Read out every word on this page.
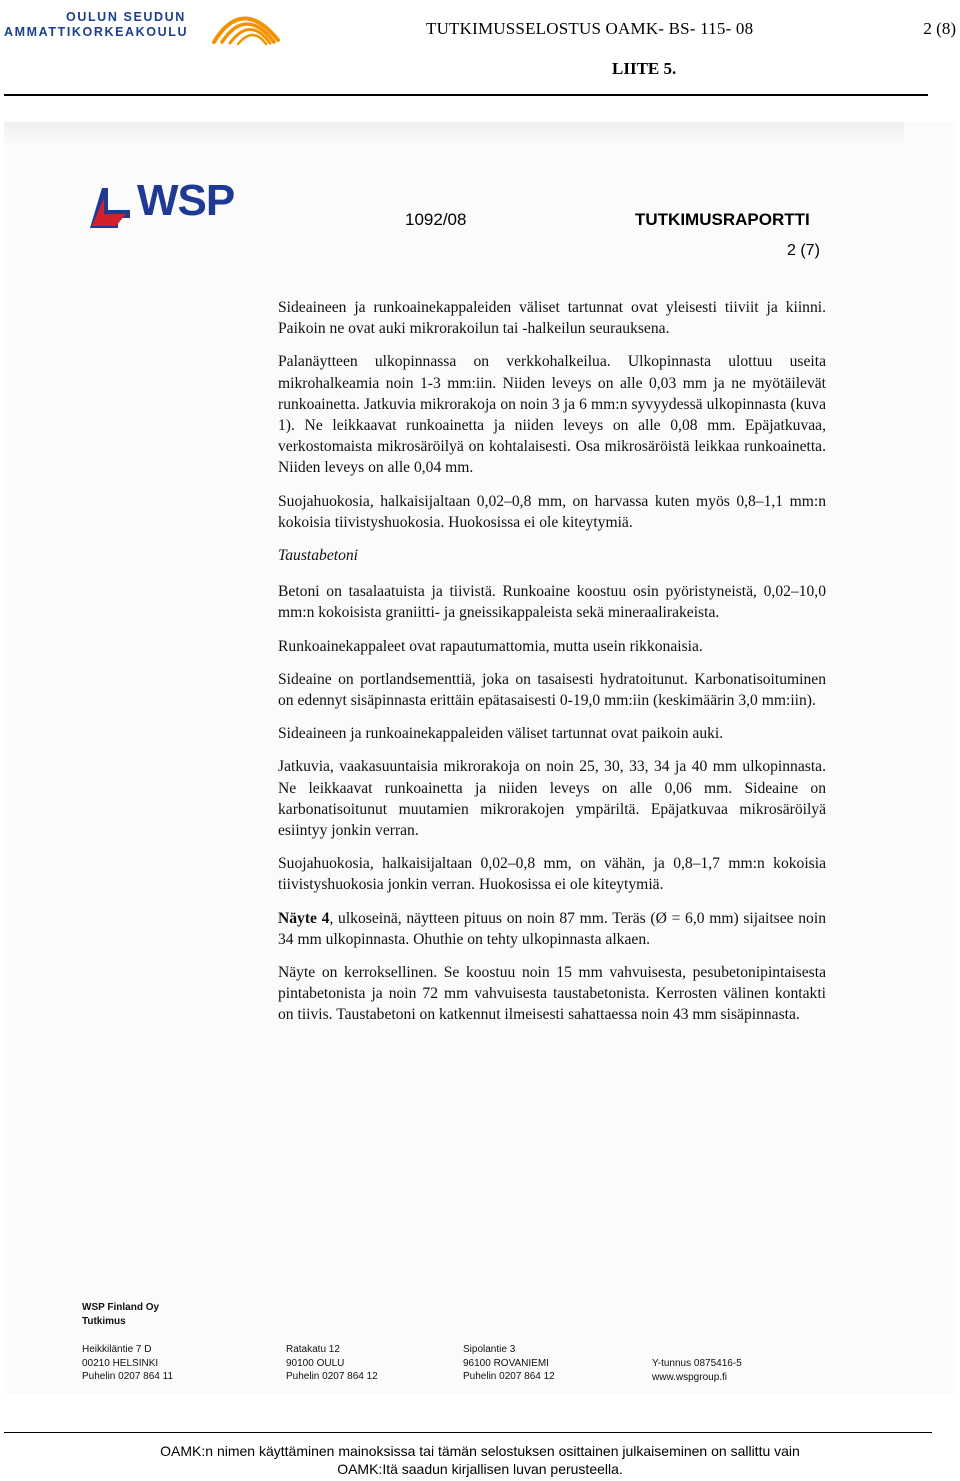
OULUN SEUDUN
AMMATTIKORKEAKOULU	TUTKIMUSSELOSTUS OAMK- BS- 115- 08	2 (8)
LIITE 5.
WSP	1092/08	TUTKIMUSRAPORTTI
2 (7)

Sideaineen ja runkoainekappaleiden väliset tartunnat ovat yleisesti tiiviit ja kiinni. Paikoin ne ovat auki mikrorakoilun tai -halkeilun seurauksena.

Palanäytteen ulkopinnassa on verkkohalkeilua. Ulkopinnasta ulottuu useita mikrohalkeamia noin 1-3 mm:iin. Niiden leveys on alle 0,03 mm ja ne myötäilevät runkoainetta. Jatkuvia mikrorakoja on noin 3 ja 6 mm:n syvyydessä ulkopinnasta (kuva 1). Ne leikkaavat runkoainetta ja niiden leveys on alle 0,08 mm. Epäjatkuvaa, verkostomaista mikrosäröilyä on kohtalaisesti. Osa mikrosäröistä leikkaa runkoainetta. Niiden leveys on alle 0,04 mm.

Suojahuokosia, halkaisijaltaan 0,02–0,8 mm, on harvassa kuten myös 0,8–1,1 mm:n kokoisia tiivistyshuokosia. Huokosissa ei ole kiteytymiä.

Taustabetoni

Betoni on tasalaatuista ja tiivistä. Runkoaine koostuu osin pyöristyneistä, 0,02–10,0 mm:n kokoisista graniitti- ja gneissikappaleista sekä mineraalirakeista.

Runkoainekappaleet ovat rapautumattomia, mutta usein rikkonaisia.

Sideaine on portlandsementtiä, joka on tasaisesti hydratoitunut. Karbonatisoituminen on edennyt sisäpinnasta erittäin epätasaisesti 0-19,0 mm:iin (keskimäärin 3,0 mm:iin).

Sideaineen ja runkoainekappaleiden väliset tartunnat ovat paikoin auki.

Jatkuvia, vaakasuuntaisia mikrorakoja on noin 25, 30, 33, 34 ja 40 mm ulkopinnasta. Ne leikkaavat runkoainetta ja niiden leveys on alle 0,06 mm. Sideaine on karbonatisoitunut muutamien mikrorakojen ympäriltä. Epäjatkuvaa mikrosäröilyä esiintyy jonkin verran.

Suojahuokosia, halkaisijaltaan 0,02–0,8 mm, on vähän, ja 0,8–1,7 mm:n kokoisia tiivistyshuokosia jonkin verran. Huokosissa ei ole kiteytymiä.

Näyte 4, ulkoseinä, näytteen pituus on noin 87 mm. Teräs (Ø = 6,0 mm) sijaitsee noin 34 mm ulkopinnasta. Ohuthie on tehty ulkopinnasta alkaen.

Näyte on kerroksellinen. Se koostuu noin 15 mm vahvuisesta, pesubetonipintaisesta pintabetonista ja noin 72 mm vahvuisesta taustabetonista. Kerrosten välinen kontakti on tiivis. Taustabetoni on katkennut ilmeisesti sahattaessa noin 43 mm sisäpinnasta.

WSP Finland Oy
Tutkimus
Heikkiläntie 7 D
00210 HELSINKI
Puhelin 0207 864 11
Ratakatu 12
90100 OULU
Puhelin 0207 864 12
Sipolantie 3
96100 ROVANIEMI
Puhelin 0207 864 12
Y-tunnus 0875416-5
www.wspgroup.fi
OAMK:n nimen käyttäminen mainoksissa tai tämän selostuksen osittainen julkaiseminen on sallittu vain
OAMK:Itä saadun kirjallisen luvan perusteella.
